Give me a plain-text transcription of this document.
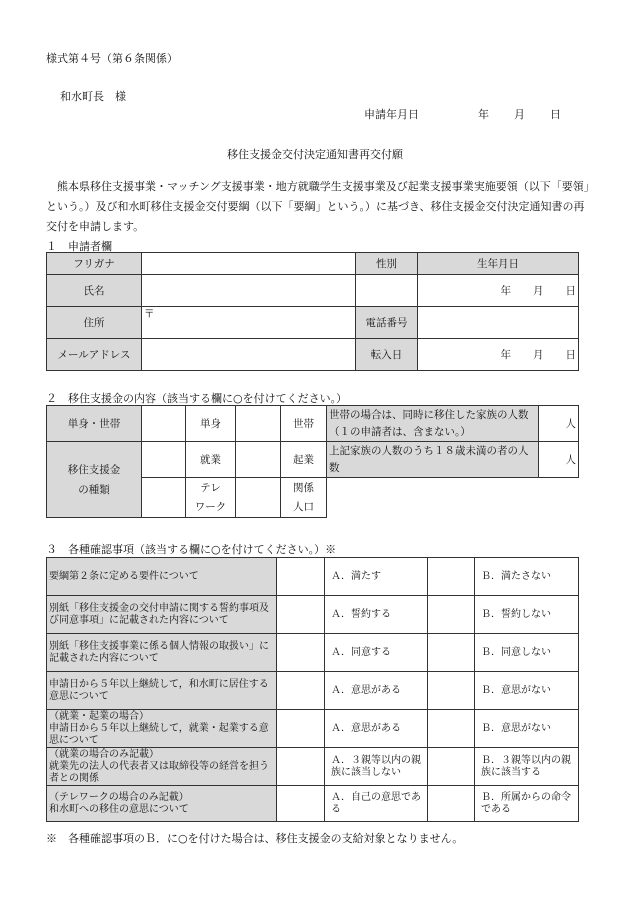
様式第４号（第６条関係）
和水町長　様
申請年月日	年 月 日
移住支援金交付決定通知書再交付願
　熊本県移住支援事業・マッチング支援事業・地方就職学生支援事業及び起業支援事業実施要領（以下「要領」という。）及び和水町移住支援金交付要綱（以下「要綱」という。）に基づき、移住支援金交付決定通知書の再交付を申請します。
１　申請者欄
フリガナ		性別	生年月日
氏名			年 月 日
住所	〒	電話番号	
メールアドレス		転入日	年 月 日
２　移住支援金の内容（該当する欄に○を付けてください。）
単身・世帯		単身		世帯	世帯の場合は、同時に移住した家族の人数（１の申請者は、含まない。）	人
移住支援金
の種類		就業		起業	上記家族の人数のうち１８歳未満の者の人数	人
		テレ
ワーク		関係
人口		
３　各種確認事項（該当する欄に○を付けてください。）※
要綱第２条に定める要件について		Ａ．満たす		Ｂ．満たさない
別紙「移住支援金の交付申請に関する誓約事項及び同意事項」に記載された内容について		Ａ．誓約する		Ｂ．誓約しない
別紙「移住支援事業に係る個人情報の取扱い」に記載された内容について		Ａ．同意する		Ｂ．同意しない
申請日から５年以上継続して，和水町に居住する意思について		Ａ．意思がある		Ｂ．意思がない
（就業・起業の場合）
申請日から５年以上継続して，就業・起業する意思について		Ａ．意思がある		Ｂ．意思がない
（就業の場合のみ記載）
就業先の法人の代表者又は取締役等の経営を担う者との関係		Ａ．３親等以内の親族に該当しない		Ｂ．３親等以内の親族に該当する
（テレワークの場合のみ記載）
和水町への移住の意思について		Ａ．自己の意思である		Ｂ．所属からの命令である
※　各種確認事項のＢ．に○を付けた場合は、移住支援金の支給対象となりません。
